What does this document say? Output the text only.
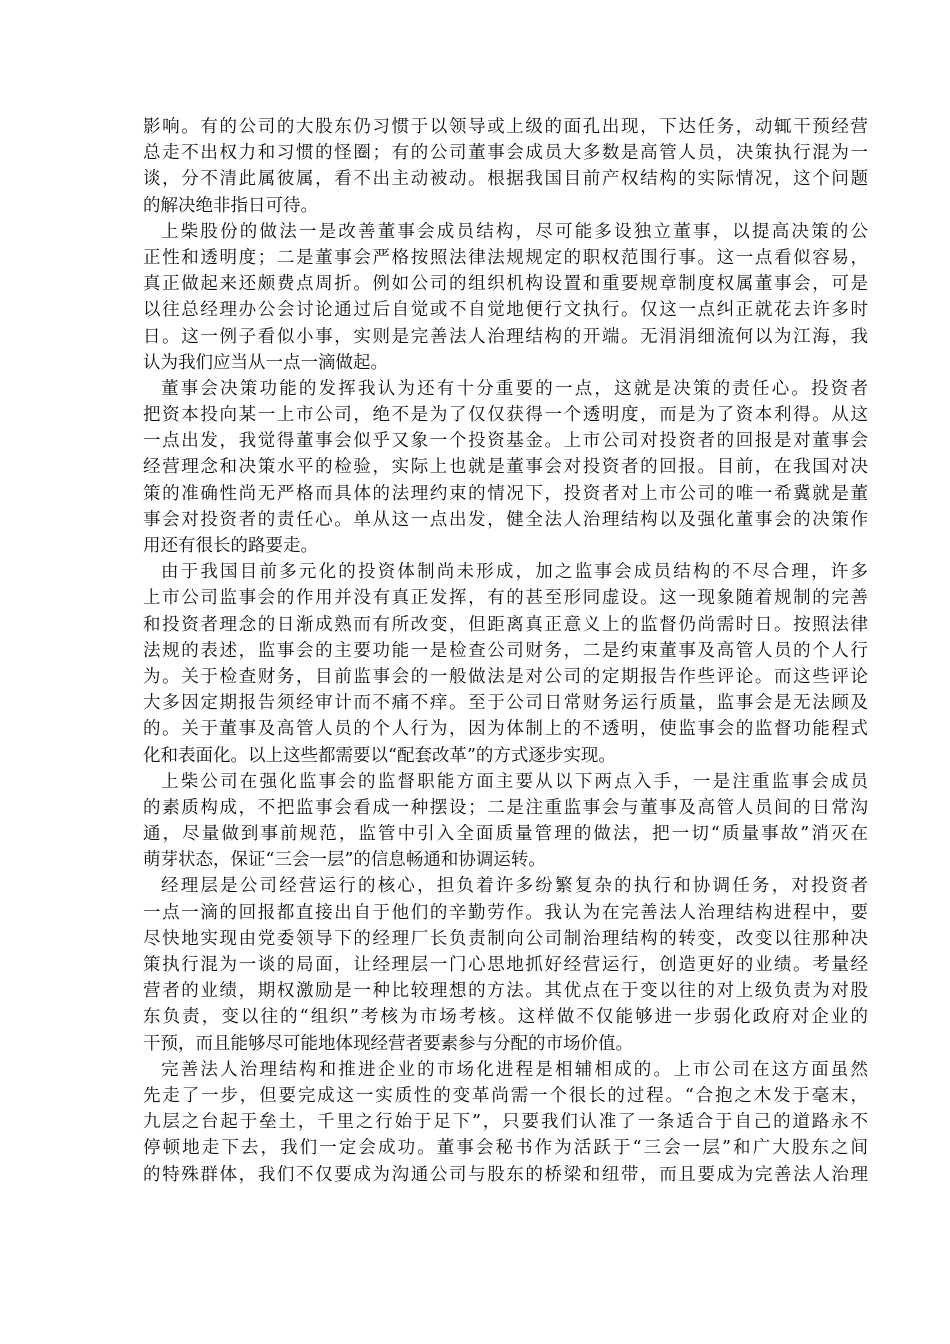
影响。有的公司的大股东仍习惯于以领导或上级的面孔出现，下达任务，动辄干预经营
总走不出权力和习惯的怪圈；有的公司董事会成员大多数是高管人员，决策执行混为一
谈，分不清此属彼属，看不出主动被动。根据我国目前产权结构的实际情况，这个问题
的解决绝非指日可待。
上柴股份的做法一是改善董事会成员结构，尽可能多设独立董事，以提高决策的公
正性和透明度；二是董事会严格按照法律法规规定的职权范围行事。这一点看似容易，
真正做起来还颇费点周折。例如公司的组织机构设置和重要规章制度权属董事会，可是
以往总经理办公会讨论通过后自觉或不自觉地便行文执行。仅这一点纠正就花去许多时
日。这一例子看似小事，实则是完善法人治理结构的开端。无涓涓细流何以为江海，我
认为我们应当从一点一滴做起。
董事会决策功能的发挥我认为还有十分重要的一点，这就是决策的责任心。投资者
把资本投向某一上市公司，绝不是为了仅仅获得一个透明度，而是为了资本利得。从这
一点出发，我觉得董事会似乎又象一个投资基金。上市公司对投资者的回报是对董事会
经营理念和决策水平的检验，实际上也就是董事会对投资者的回报。目前，在我国对决
策的准确性尚无严格而具体的法理约束的情况下，投资者对上市公司的唯一希冀就是董
事会对投资者的责任心。单从这一点出发，健全法人治理结构以及强化董事会的决策作
用还有很长的路要走。
由于我国目前多元化的投资体制尚未形成，加之监事会成员结构的不尽合理，许多
上市公司监事会的作用并没有真正发挥，有的甚至形同虚设。这一现象随着规制的完善
和投资者理念的日渐成熟而有所改变，但距离真正意义上的监督仍尚需时日。按照法律
法规的表述，监事会的主要功能一是检查公司财务，二是约束董事及高管人员的个人行
为。关于检查财务，目前监事会的一般做法是对公司的定期报告作些评论。而这些评论
大多因定期报告须经审计而不痛不痒。至于公司日常财务运行质量，监事会是无法顾及
的。关于董事及高管人员的个人行为，因为体制上的不透明，使监事会的监督功能程式
化和表面化。以上这些都需要以“配套改革”的方式逐步实现。
上柴公司在强化监事会的监督职能方面主要从以下两点入手，一是注重监事会成员
的素质构成，不把监事会看成一种摆设；二是注重监事会与董事及高管人员间的日常沟
通，尽量做到事前规范，监管中引入全面质量管理的做法，把一切“质量事故”消灭在
萌芽状态，保证“三会一层”的信息畅通和协调运转。
经理层是公司经营运行的核心，担负着许多纷繁复杂的执行和协调任务，对投资者
一点一滴的回报都直接出自于他们的辛勤劳作。我认为在完善法人治理结构进程中，要
尽快地实现由党委领导下的经理厂长负责制向公司制治理结构的转变，改变以往那种决
策执行混为一谈的局面，让经理层一门心思地抓好经营运行，创造更好的业绩。考量经
营者的业绩，期权激励是一种比较理想的方法。其优点在于变以往的对上级负责为对股
东负责，变以往的“组织”考核为市场考核。这样做不仅能够进一步弱化政府对企业的
干预，而且能够尽可能地体现经营者要素参与分配的市场价值。
完善法人治理结构和推进企业的市场化进程是相辅相成的。上市公司在这方面虽然
先走了一步，但要完成这一实质性的变革尚需一个很长的过程。“合抱之木发于毫末，
九层之台起于垒土，千里之行始于足下”，只要我们认准了一条适合于自己的道路永不
停顿地走下去，我们一定会成功。董事会秘书作为活跃于“三会一层”和广大股东之间
的特殊群体，我们不仅要成为沟通公司与股东的桥梁和纽带，而且要成为完善法人治理
